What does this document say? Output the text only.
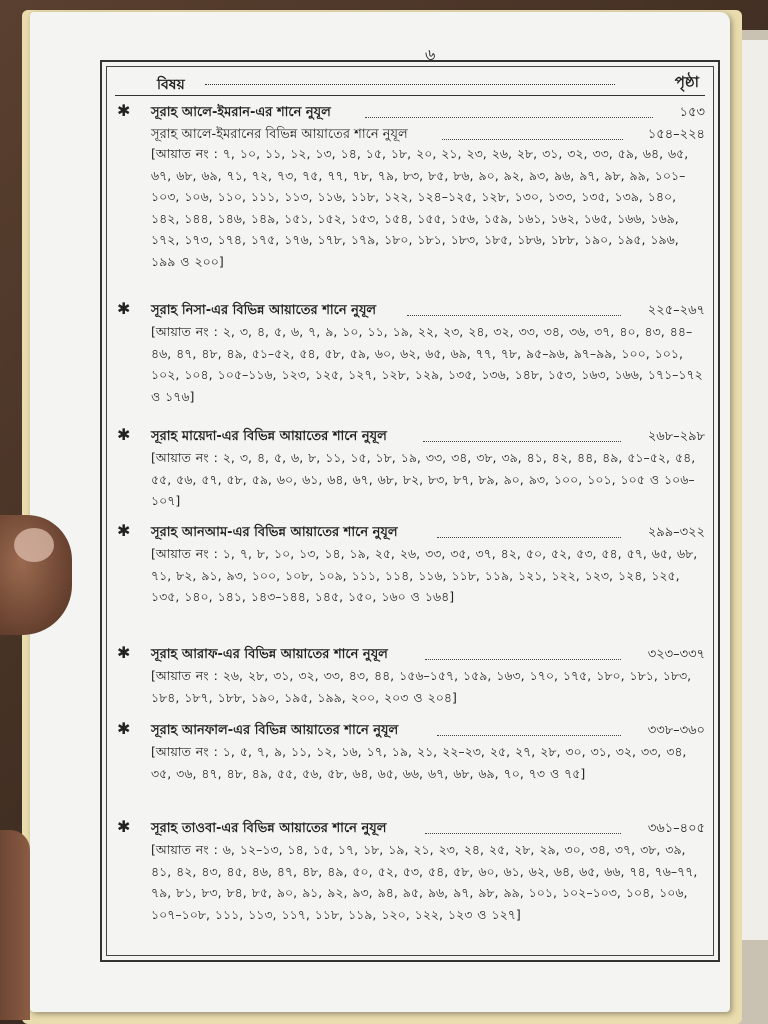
৬
বিষয়	পৃষ্ঠা
✱ সূরাহ আলে-ইমরান-এর শানে নুযূল	১৫৩
সূরাহ আলে-ইমরানের বিভিন্ন আয়াতের শানে নুযূল	১৫৪–২২৪
[আয়াত নং : ৭, ১০, ১১, ১২, ১৩, ১৪, ১৫, ১৮, ২০, ২১, ২৩, ২৬, ২৮, ৩১, ৩২, ৩৩, ৫৯, ৬৪, ৬৫, ৬৭, ৬৮, ৬৯, ৭১, ৭২, ৭৩, ৭৫, ৭৭, ৭৮, ৭৯, ৮৩, ৮৫, ৮৬, ৯০, ৯২, ৯৩, ৯৬, ৯৭, ৯৮, ৯৯, ১০১–১০৩, ১০৬, ১১০, ১১১, ১১৩, ১১৬, ১১৮, ১২২, ১২৪–১২৫, ১২৮, ১৩০, ১৩৩, ১৩৫, ১৩৯, ১৪০, ১৪২, ১৪৪, ১৪৬, ১৪৯, ১৫১, ১৫২, ১৫৩, ১৫৪, ১৫৫, ১৫৬, ১৫৯, ১৬১, ১৬২, ১৬৫, ১৬৬, ১৬৯, ১৭২, ১৭৩, ১৭৪, ১৭৫, ১৭৬, ১৭৮, ১৭৯, ১৮০, ১৮১, ১৮৩, ১৮৫, ১৮৬, ১৮৮, ১৯০, ১৯৫, ১৯৬, ১৯৯ ও ২০০]
✱ সূরাহ নিসা-এর বিভিন্ন আয়াতের শানে নুযূল	২২৫–২৬৭
[আয়াত নং : ২, ৩, ৪, ৫, ৬, ৭, ৯, ১০, ১১, ১৯, ২২, ২৩, ২৪, ৩২, ৩৩, ৩৪, ৩৬, ৩৭, ৪০, ৪৩, ৪৪–৪৬, ৪৭, ৪৮, ৪৯, ৫১–৫২, ৫৪, ৫৮, ৫৯, ৬০, ৬২, ৬৫, ৬৯, ৭৭, ৭৮, ৯৫–৯৬, ৯৭–৯৯, ১০০, ১০১, ১০২, ১০৪, ১০৫–১১৬, ১২৩, ১২৫, ১২৭, ১২৮, ১২৯, ১৩৫, ১৩৬, ১৪৮, ১৫৩, ১৬৩, ১৬৬, ১৭১–১৭২ ও ১৭৬]
✱ সূরাহ মায়েদা-এর বিভিন্ন আয়াতের শানে নুযূল	২৬৮–২৯৮
[আয়াত নং : ২, ৩, ৪, ৫, ৬, ৮, ১১, ১৫, ১৮, ১৯, ৩৩, ৩৪, ৩৮, ৩৯, ৪১, ৪২, ৪৪, ৪৯, ৫১–৫২, ৫৪, ৫৫, ৫৬, ৫৭, ৫৮, ৫৯, ৬০, ৬১, ৬৪, ৬৭, ৬৮, ৮২, ৮৩, ৮৭, ৮৯, ৯০, ৯৩, ১০০, ১০১, ১০৫ ও ১০৬–১০৭]
✱ সূরাহ আনআম-এর বিভিন্ন আয়াতের শানে নুযূল	২৯৯–৩২২
[আয়াত নং : ১, ৭, ৮, ১০, ১৩, ১৪, ১৯, ২৫, ২৬, ৩৩, ৩৫, ৩৭, ৪২, ৫০, ৫২, ৫৩, ৫৪, ৫৭, ৬৫, ৬৮, ৭১, ৮২, ৯১, ৯৩, ১০০, ১০৮, ১০৯, ১১১, ১১৪, ১১৬, ১১৮, ১১৯, ১২১, ১২২, ১২৩, ১২৪, ১২৫, ১৩৫, ১৪০, ১৪১, ১৪৩–১৪৪, ১৪৫, ১৫০, ১৬০ ও ১৬৪]
✱ সূরাহ আরাফ-এর বিভিন্ন আয়াতের শানে নুযূল	৩২৩–৩৩৭
[আয়াত নং : ২৬, ২৮, ৩১, ৩২, ৩৩, ৪৩, ৪৪, ১৫৬–১৫৭, ১৫৯, ১৬৩, ১৭০, ১৭৫, ১৮০, ১৮১, ১৮৩, ১৮৪, ১৮৭, ১৮৮, ১৯০, ১৯৫, ১৯৯, ২০০, ২০৩ ও ২০৪]
✱ সূরাহ আনফাল-এর বিভিন্ন আয়াতের শানে নুযূল	৩৩৮–৩৬০
[আয়াত নং : ১, ৫, ৭, ৯, ১১, ১২, ১৬, ১৭, ১৯, ২১, ২২–২৩, ২৫, ২৭, ২৮, ৩০, ৩১, ৩২, ৩৩, ৩৪, ৩৫, ৩৬, ৪৭, ৪৮, ৪৯, ৫৫, ৫৬, ৫৮, ৬৪, ৬৫, ৬৬, ৬৭, ৬৮, ৬৯, ৭০, ৭৩ ও ৭৫]
✱ সূরাহ তাওবা-এর বিভিন্ন আয়াতের শানে নুযূল	৩৬১–৪০৫
[আয়াত নং : ৬, ১২–১৩, ১৪, ১৫, ১৭, ১৮, ১৯, ২১, ২৩, ২৪, ২৫, ২৮, ২৯, ৩০, ৩৪, ৩৭, ৩৮, ৩৯, ৪১, ৪২, ৪৩, ৪৫, ৪৬, ৪৭, ৪৮, ৪৯, ৫০, ৫২, ৫৩, ৫৪, ৫৮, ৬০, ৬১, ৬২, ৬৪, ৬৫, ৬৬, ৭৪, ৭৬–৭৭, ৭৯, ৮১, ৮৩, ৮৪, ৮৫, ৯০, ৯১, ৯২, ৯৩, ৯৪, ৯৫, ৯৬, ৯৭, ৯৮, ৯৯, ১০১, ১০২–১০৩, ১০৪, ১০৬, ১০৭–১০৮, ১১১, ১১৩, ১১৭, ১১৮, ১১৯, ১২০, ১২২, ১২৩ ও ১২৭]
